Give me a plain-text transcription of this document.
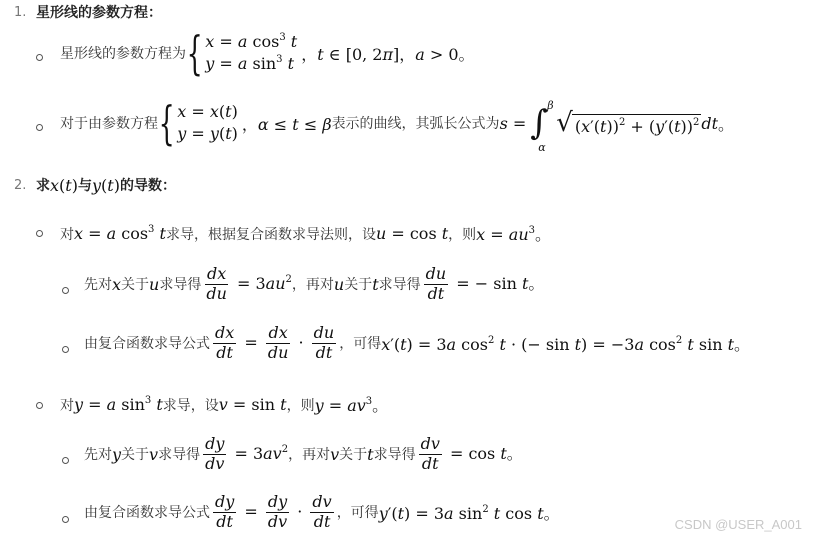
1. 星形线的参数方程 ：
星形线的参数方程为 { x = a $\cos^3 t$
y = a $\sin^3 t$ ，t ∈ [0, 2π]，a > 0。
对于由参数方程 { x = x(t)
y = y(t) ，α ≤ t ≤ β 表示的曲线，其弧长公式为 s = ∫ β
α
√ $(x'(t))^2 + (y'(t))^2$ dt 。
2. 求 x(t) 与 y(t) 的导数 ：
对 x = a $\cos^3 t$ 求导，根据复合函数求导法则，设 u = cos t ，则 $x = au^3$。
先对 x 关于 u 求导得 $\frac{dx}{du} = 3au^2$ ，再对 u 关于 t 求导得 $\frac{du}{dt}$ = − sin t。
由复合函数求导公式 $\frac{dx}{dt} = \frac{dx}{du} \cdot \frac{du}{dt}$ ，可得 x′(t) = 3a $\cos^2 t$ · (− sin t) = −3a $\cos^2 t$ sin t。
对 y = a $\sin^3 t$ 求导，设 v = sin t ，则 $y = av^3$。
先对 y 关于 v 求导得 $\frac{dy}{dv} = 3av^2$ ，再对 v 关于 t 求导得 $\frac{dv}{dt} = \cos t$。
由复合函数求导公式 $\frac{dy}{dt} = \frac{dy}{dv} \cdot \frac{dv}{dt}$ ，可得 y′(t) = 3a $\sin^2 t$ cos t。
CSDN @USER_A001
